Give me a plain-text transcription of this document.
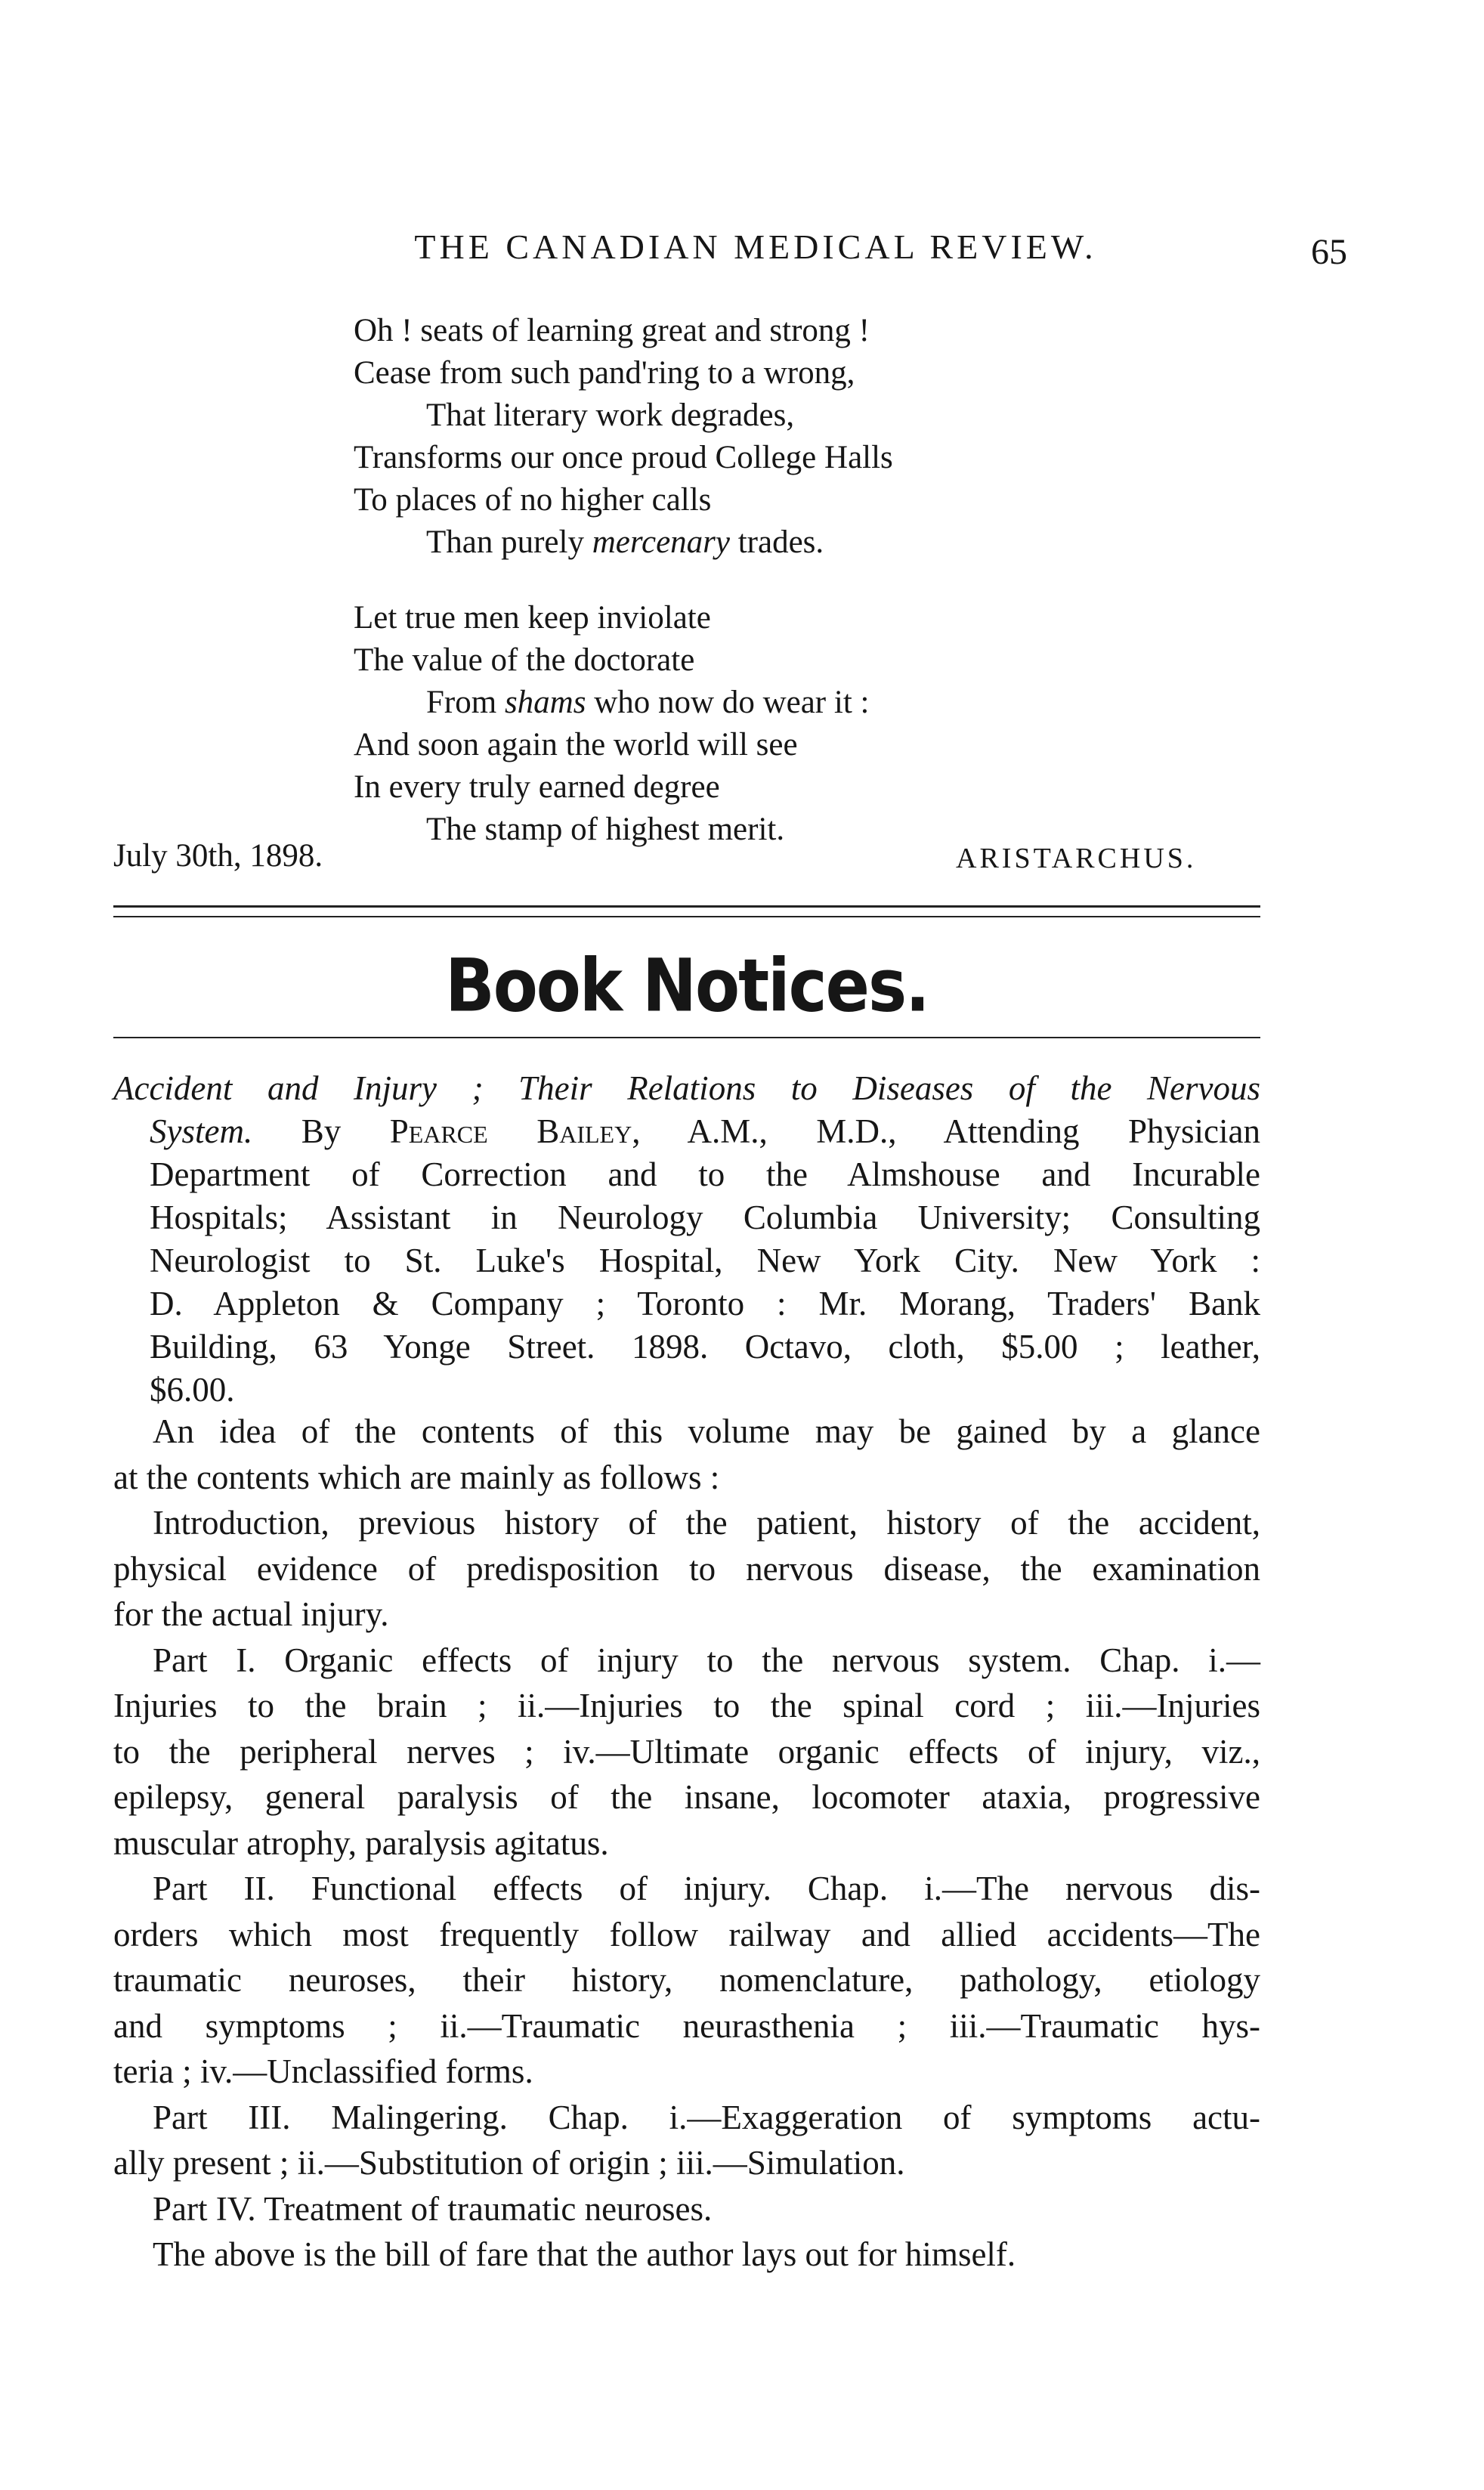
THE CANADIAN MEDICAL REVIEW.	65
Oh ! seats of learning great and strong !
Cease from such pand'ring to a wrong,
That literary work degrades,
Transforms our once proud College Halls
To places of no higher calls
Than purely mercenary trades.
Let true men keep inviolate
The value of the doctorate
From shams who now do wear it :
And soon again the world will see
In every truly earned degree
The stamp of highest merit.
July 30th, 1898.	ARISTARCHUS.
Book Notices.
Accident and Injury ; Their Relations to Diseases of the Nervous
System. By Pearce Bailey, A.M., M.D., Attending Physician
Department of Correction and to the Almshouse and Incurable
Hospitals; Assistant in Neurology Columbia University; Consulting
Neurologist to St. Luke's Hospital, New York City. New York :
D. Appleton & Company ; Toronto : Mr. Morang, Traders' Bank
Building, 63 Yonge Street. 1898. Octavo, cloth, $5.00 ; leather,
$6.00.
An idea of the contents of this volume may be gained by a glance
at the contents which are mainly as follows :
Introduction, previous history of the patient, history of the accident,
physical evidence of predisposition to nervous disease, the examination
for the actual injury.
Part I. Organic effects of injury to the nervous system. Chap. i.—
Injuries to the brain ; ii.—Injuries to the spinal cord ; iii.—Injuries
to the peripheral nerves ; iv.—Ultimate organic effects of injury, viz.,
epilepsy, general paralysis of the insane, locomoter ataxia, progressive
muscular atrophy, paralysis agitatus.
Part II. Functional effects of injury. Chap. i.—The nervous dis-
orders which most frequently follow railway and allied accidents—The
traumatic neuroses, their history, nomenclature, pathology, etiology
and symptoms ; ii.—Traumatic neurasthenia ; iii.—Traumatic hys-
teria ; iv.—Unclassified forms.
Part III. Malingering. Chap. i.—Exaggeration of symptoms actu-
ally present ; ii.—Substitution of origin ; iii.—Simulation.
Part IV. Treatment of traumatic neuroses.
The above is the bill of fare that the author lays out for himself.
